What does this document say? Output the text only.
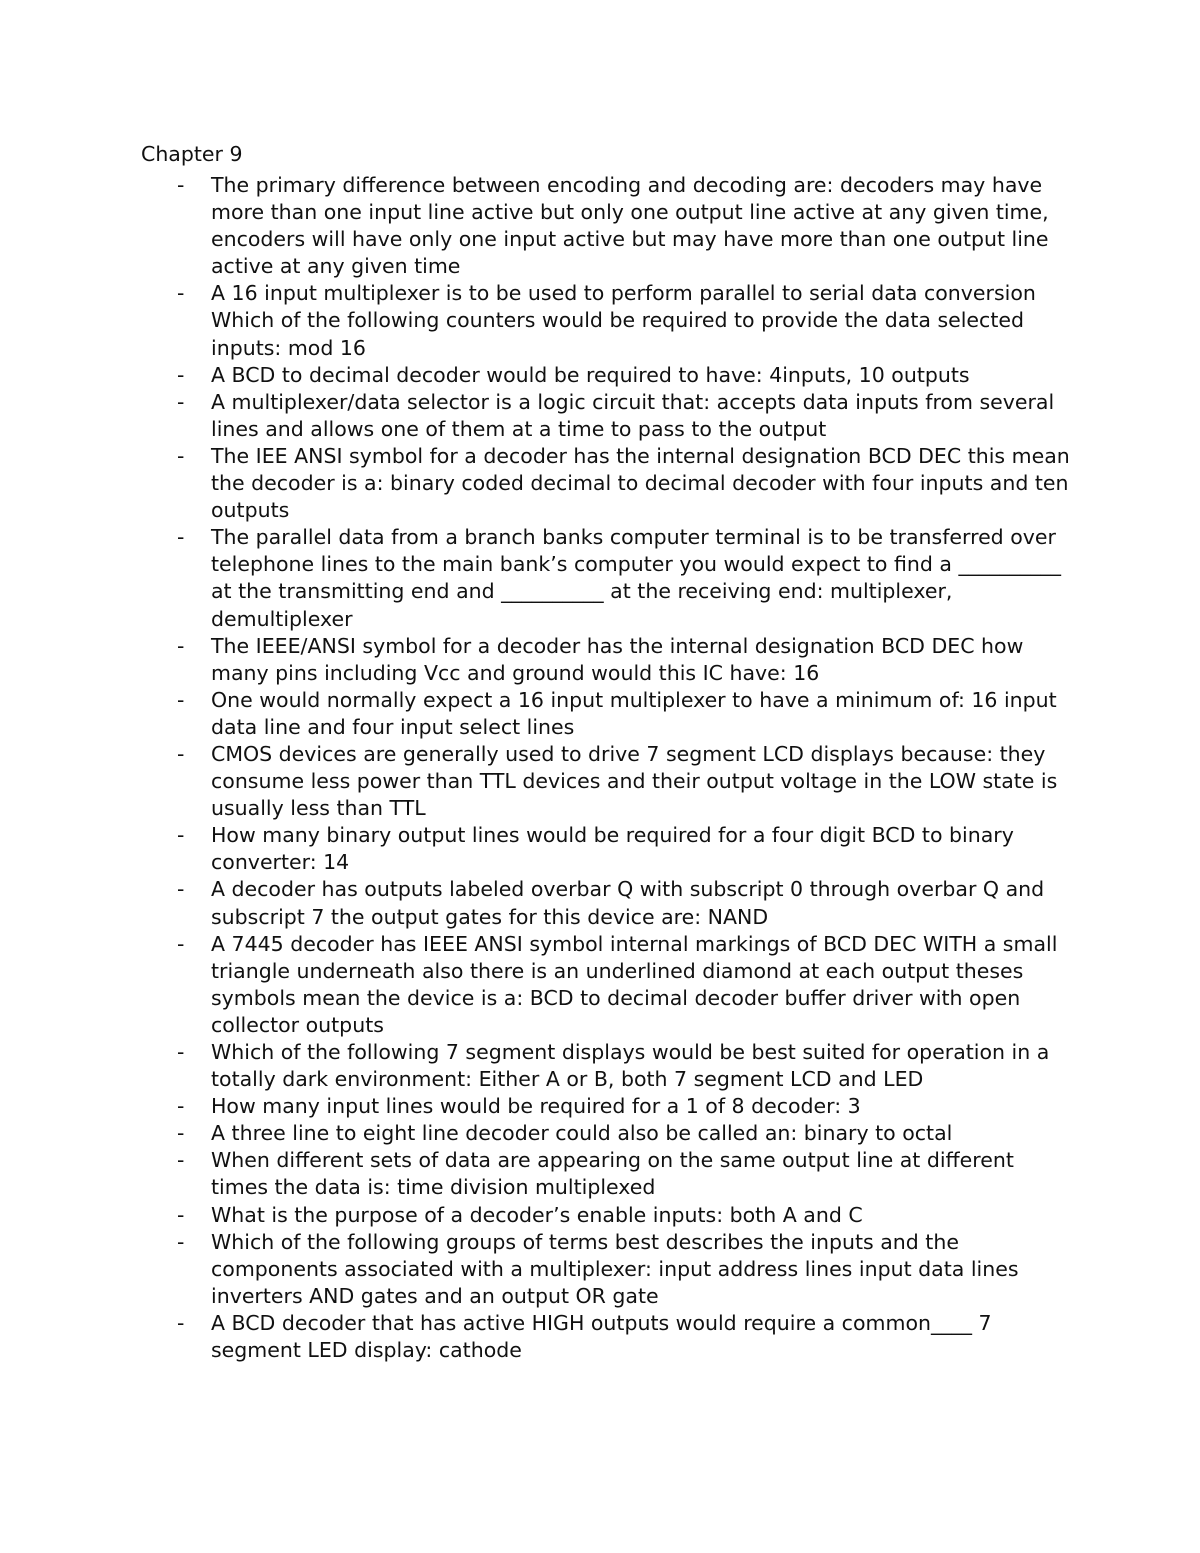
Chapter 9
- The primary difference between encoding and decoding are: decoders may have more than one input line active but only one output line active at any given time, encoders will have only one input active but may have more than one output line active at any given time
- A 16 input multiplexer is to be used to perform parallel to serial data conversion Which of the following counters would be required to provide the data selected inputs: mod 16
- A BCD to decimal decoder would be required to have: 4inputs, 10 outputs
- A multiplexer/data selector is a logic circuit that: accepts data inputs from several lines and allows one of them at a time to pass to the output
- The IEE ANSI symbol for a decoder has the internal designation BCD DEC this mean the decoder is a: binary coded decimal to decimal decoder with four inputs and ten outputs
- The parallel data from a branch banks computer terminal is to be transferred over telephone lines to the main bank’s computer you would expect to find a __________ at the transmitting end and __________ at the receiving end: multiplexer, demultiplexer
- The IEEE/ANSI symbol for a decoder has the internal designation BCD DEC how many pins including Vcc and ground would this IC have: 16
- One would normally expect a 16 input multiplexer to have a minimum of: 16 input data line and four input select lines
- CMOS devices are generally used to drive 7 segment LCD displays because: they consume less power than TTL devices and their output voltage in the LOW state is usually less than TTL
- How many binary output lines would be required for a four digit BCD to binary converter: 14
- A decoder has outputs labeled overbar Q with subscript 0 through overbar Q and subscript 7 the output gates for this device are: NAND
- A 7445 decoder has IEEE ANSI symbol internal markings of BCD DEC WITH a small triangle underneath also there is an underlined diamond at each output theses symbols mean the device is a: BCD to decimal decoder buffer driver with open collector outputs
- Which of the following 7 segment displays would be best suited for operation in a totally dark environment: Either A or B, both 7 segment LCD and LED
- How many input lines would be required for a 1 of 8 decoder: 3
- A three line to eight line decoder could also be called an: binary to octal
- When different sets of data are appearing on the same output line at different times the data is: time division multiplexed
- What is the purpose of a decoder’s enable inputs: both A and C
- Which of the following groups of terms best describes the inputs and the components associated with a multiplexer: input address lines input data lines inverters AND gates and an output OR gate
- A BCD decoder that has active HIGH outputs would require a common____ 7 segment LED display: cathode
